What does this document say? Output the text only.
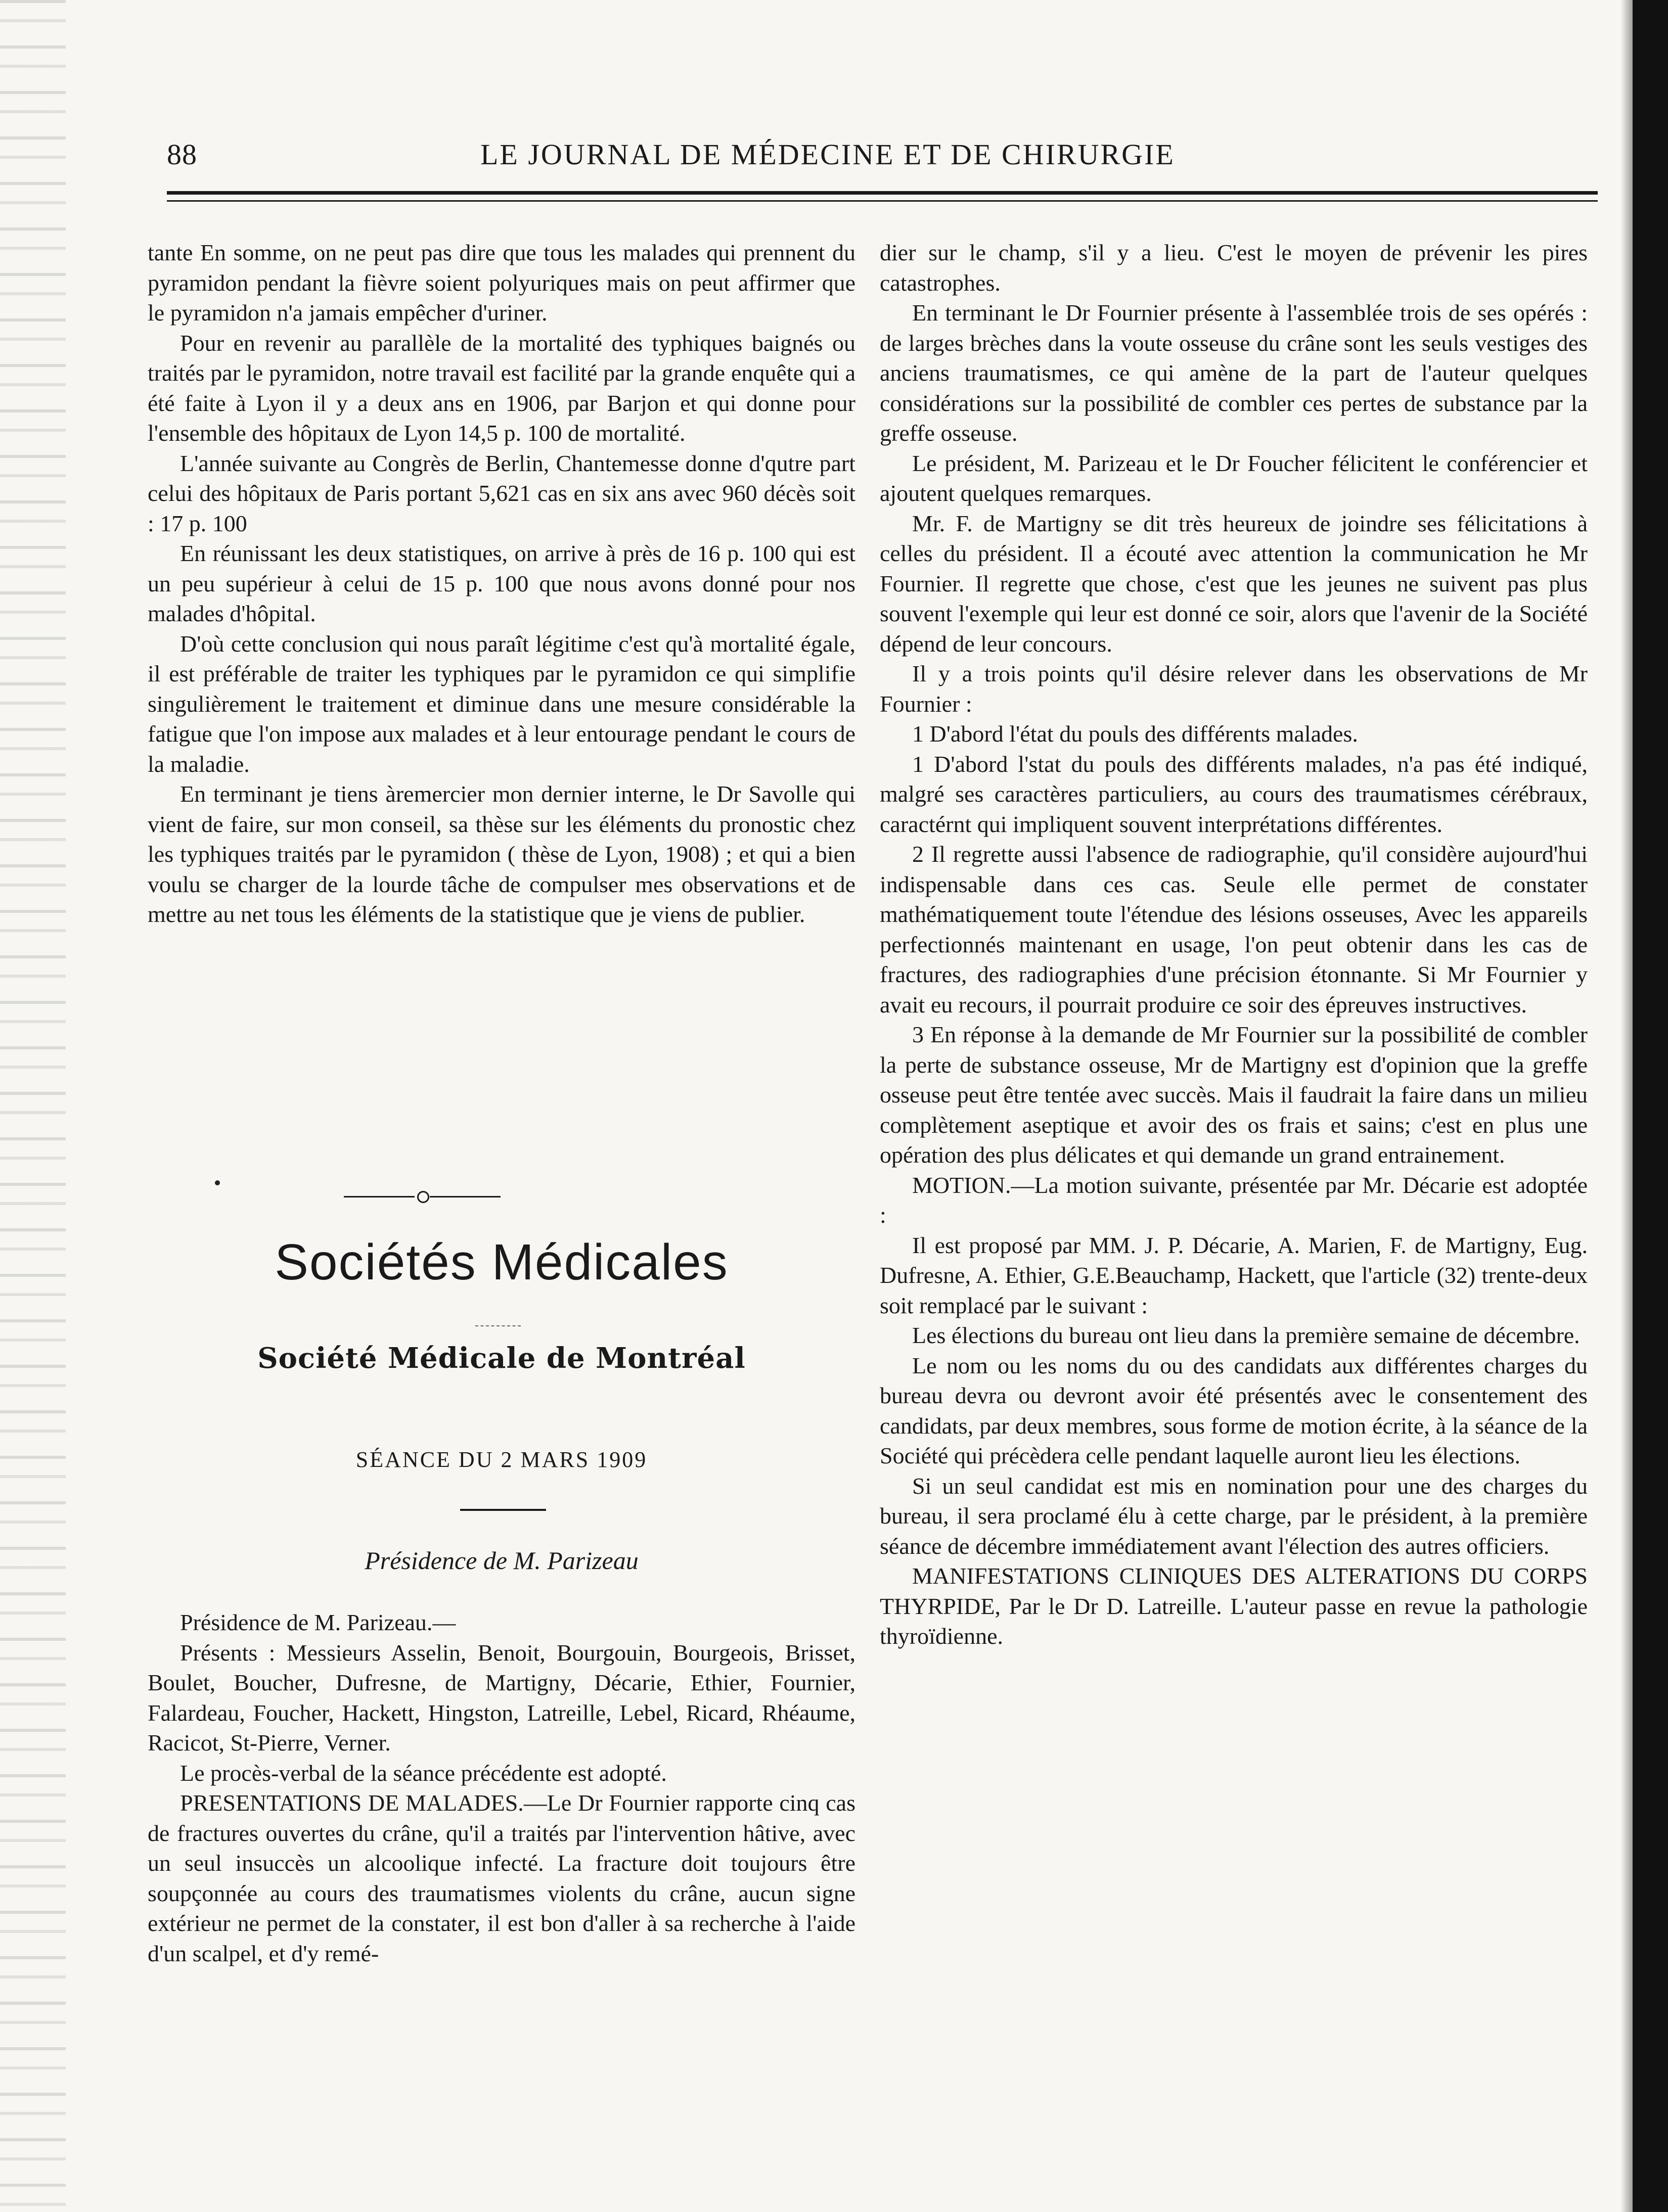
88	LE JOURNAL DE MÉDECINE ET DE CHIRURGIE

tante En somme, on ne peut pas dire que tous les malades qui prennent du pyramidon pendant la fièvre soient polyuriques mais on peut affirmer que le pyramidon n'a jamais empêcher d'uriner.

Pour en revenir au parallèle de la mortalité des typhiques baignés ou traités par le pyramidon, notre travail est facilité par la grande enquête qui a été faite à Lyon il y a deux ans en 1906, par Barjon et qui donne pour l'ensemble des hôpitaux de Lyon 14,5 p. 100 de mortalité.

L'année suivante au Congrès de Berlin, Chantemesse donne d'qutre part celui des hôpitaux de Paris portant 5,621 cas en six ans avec 960 décès soit : 17 p. 100

En réunissant les deux statistiques, on arrive à près de 16 p. 100 qui est un peu supérieur à celui de 15 p. 100 que nous avons donné pour nos malades d'hôpital.

D'où cette conclusion qui nous paraît légitime c'est qu'à mortalité égale, il est préférable de traiter les typhiques par le pyramidon ce qui simplifie singulièrement le traitement et diminue dans une mesure considérable la fatigue que l'on impose aux malades et à leur entourage pendant le cours de la maladie.

En terminant je tiens àremercier mon dernier interne, le Dr Savolle qui vient de faire, sur mon conseil, sa thèse sur les éléments du pronostic chez les typhiques traités par le pyramidon ( thèse de Lyon, 1908) ; et qui a bien voulu se charger de la lourde tâche de compulser mes observations et de mettre au net tous les éléments de la statistique que je viens de publier.

Sociétés Médicales
Société Médicale de Montréal
SÉANCE DU 2 MARS 1909
Présidence de M. Parizeau

Présidence de M. Parizeau.—

Présents : Messieurs Asselin, Benoit, Bourgouin, Bourgeois, Brisset, Boulet, Boucher, Dufresne, de Martigny, Décarie, Ethier, Fournier, Falardeau, Foucher, Hackett, Hingston, Latreille, Lebel, Ricard, Rhéaume, Racicot, St-Pierre, Verner.

Le procès-verbal de la séance précédente est adopté.

PRESENTATIONS DE MALADES.—Le Dr Fournier rapporte cinq cas de fractures ouvertes du crâne, qu'il a traités par l'intervention hâtive, avec un seul insuccès un alcoolique infecté. La fracture doit toujours être soupçonnée au cours des traumatismes violents du crâne, aucun signe extérieur ne permet de la constater, il est bon d'aller à sa recherche à l'aide d'un scalpel, et d'y remé-

dier sur le champ, s'il y a lieu. C'est le moyen de prévenir les pires catastrophes.

En terminant le Dr Fournier présente à l'assemblée trois de ses opérés : de larges brèches dans la voute osseuse du crâne sont les seuls vestiges des anciens traumatismes, ce qui amène de la part de l'auteur quelques considérations sur la possibilité de combler ces pertes de substance par la greffe osseuse.

Le président, M. Parizeau et le Dr Foucher félicitent le conférencier et ajoutent quelques remarques.

Mr. F. de Martigny se dit très heureux de joindre ses félicitations à celles du président. Il a écouté avec attention la communication he Mr Fournier. Il regrette que chose, c'est que les jeunes ne suivent pas plus souvent l'exemple qui leur est donné ce soir, alors que l'avenir de la Société dépend de leur concours.

Il y a trois points qu'il désire relever dans les observations de Mr Fournier :

1 D'abord l'état du pouls des différents malades.

1 D'abord l'stat du pouls des différents malades, n'a pas été indiqué, malgré ses caractères particuliers, au cours des traumatismes cérébraux, caractérnt qui impliquent souvent interprétations différentes.

2 Il regrette aussi l'absence de radiographie, qu'il considère aujourd'hui indispensable dans ces cas. Seule elle permet de constater mathématiquement toute l'étendue des lésions osseuses, Avec les appareils perfectionnés maintenant en usage, l'on peut obtenir dans les cas de fractures, des radiographies d'une précision étonnante. Si Mr Fournier y avait eu recours, il pourrait produire ce soir des épreuves instructives.

3 En réponse à la demande de Mr Fournier sur la possibilité de combler la perte de substance osseuse, Mr de Martigny est d'opinion que la greffe osseuse peut être tentée avec succès. Mais il faudrait la faire dans un milieu complètement aseptique et avoir des os frais et sains; c'est en plus une opération des plus délicates et qui demande un grand entrainement.

MOTION.—La motion suivante, présentée par Mr. Décarie est adoptée :

Il est proposé par MM. J. P. Décarie, A. Marien, F. de Martigny, Eug. Dufresne, A. Ethier, G.E.Beauchamp, Hackett, que l'article (32) trente-deux soit remplacé par le suivant :

Les élections du bureau ont lieu dans la première semaine de décembre.

Le nom ou les noms du ou des candidats aux différentes charges du bureau devra ou devront avoir été présentés avec le consentement des candidats, par deux membres, sous forme de motion écrite, à la séance de la Société qui précèdera celle pendant laquelle auront lieu les élections.

Si un seul candidat est mis en nomination pour une des charges du bureau, il sera proclamé élu à cette charge, par le président, à la première séance de décembre immédiatement avant l'élection des autres officiers.

MANIFESTATIONS CLINIQUES DES ALTERATIONS DU CORPS THYRPIDE, Par le Dr D. Latreille. L'auteur passe en revue la pathologie thyroïdienne.
